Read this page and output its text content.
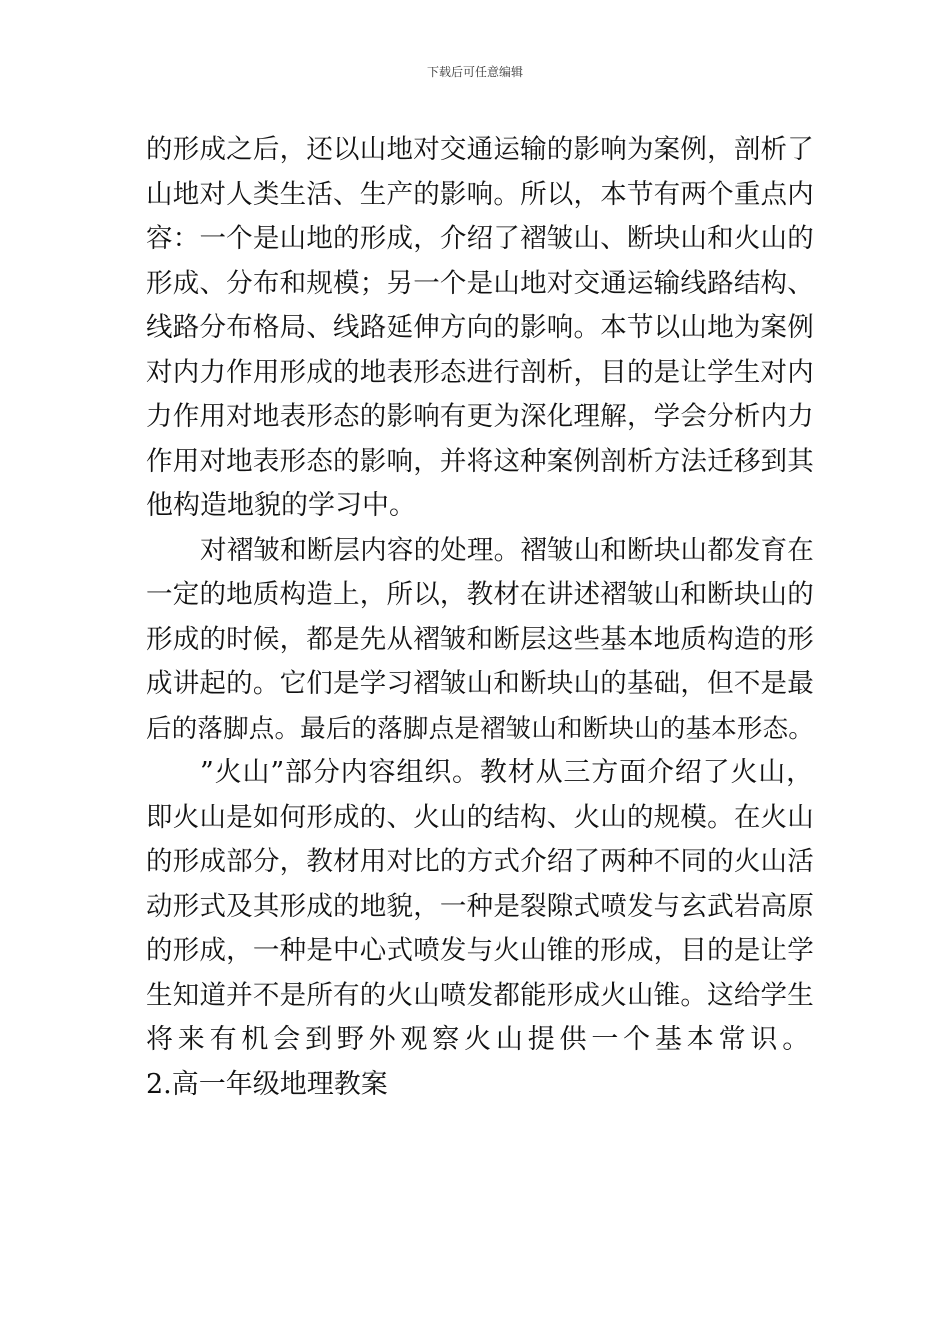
下载后可任意编辑
的形成之后，还以山地对交通运输的影响为案例，剖析了
山地对人类生活、生产的影响。所以，本节有两个重点内
容：一个是山地的形成，介绍了褶皱山、断块山和火山的
形成、分布和规模；另一个是山地对交通运输线路结构、
线路分布格局、线路延伸方向的影响。本节以山地为案例
对内力作用形成的地表形态进行剖析，目的是让学生对内
力作用对地表形态的影响有更为深化理解，学会分析内力
作用对地表形态的影响，并将这种案例剖析方法迁移到其
他构造地貌的学习中。
对褶皱和断层内容的处理。褶皱山和断块山都发育在
一定的地质构造上，所以，教材在讲述褶皱山和断块山的
形成的时候，都是先从褶皱和断层这些基本地质构造的形
成讲起的。它们是学习褶皱山和断块山的基础，但不是最
后的落脚点。最后的落脚点是褶皱山和断块山的基本形态。
”火山”部分内容组织。教材从三方面介绍了火山，
即火山是如何形成的、火山的结构、火山的规模。在火山
的形成部分，教材用对比的方式介绍了两种不同的火山活
动形式及其形成的地貌，一种是裂隙式喷发与玄武岩高原
的形成，一种是中心式喷发与火山锥的形成，目的是让学
生知道并不是所有的火山喷发都能形成火山锥。这给学生
将来有机会到野外观察火山提供一个基本常识。
2.高一年级地理教案
